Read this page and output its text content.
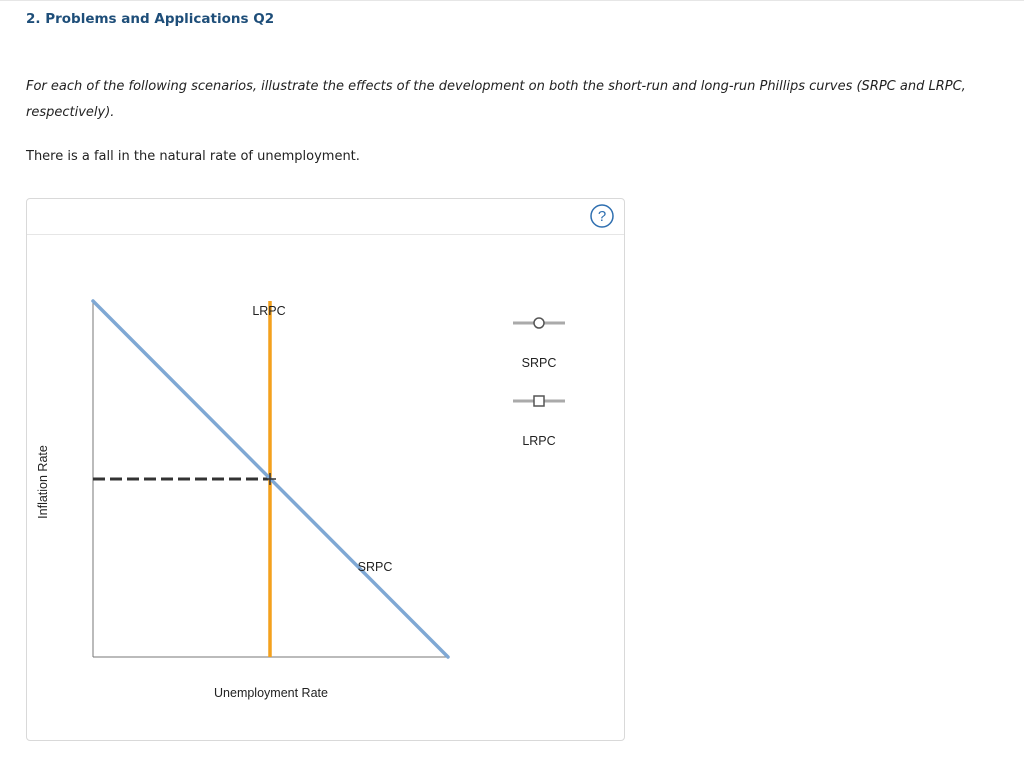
2. Problems and Applications Q2
For each of the following scenarios, illustrate the effects of the development on both the short-run and long-run Phillips curves (SRPC and LRPC, respectively).
There is a fall in the natural rate of unemployment.
?
LRPC
SRPC
Unemployment Rate
Inflation Rate
SRPC
LRPC
